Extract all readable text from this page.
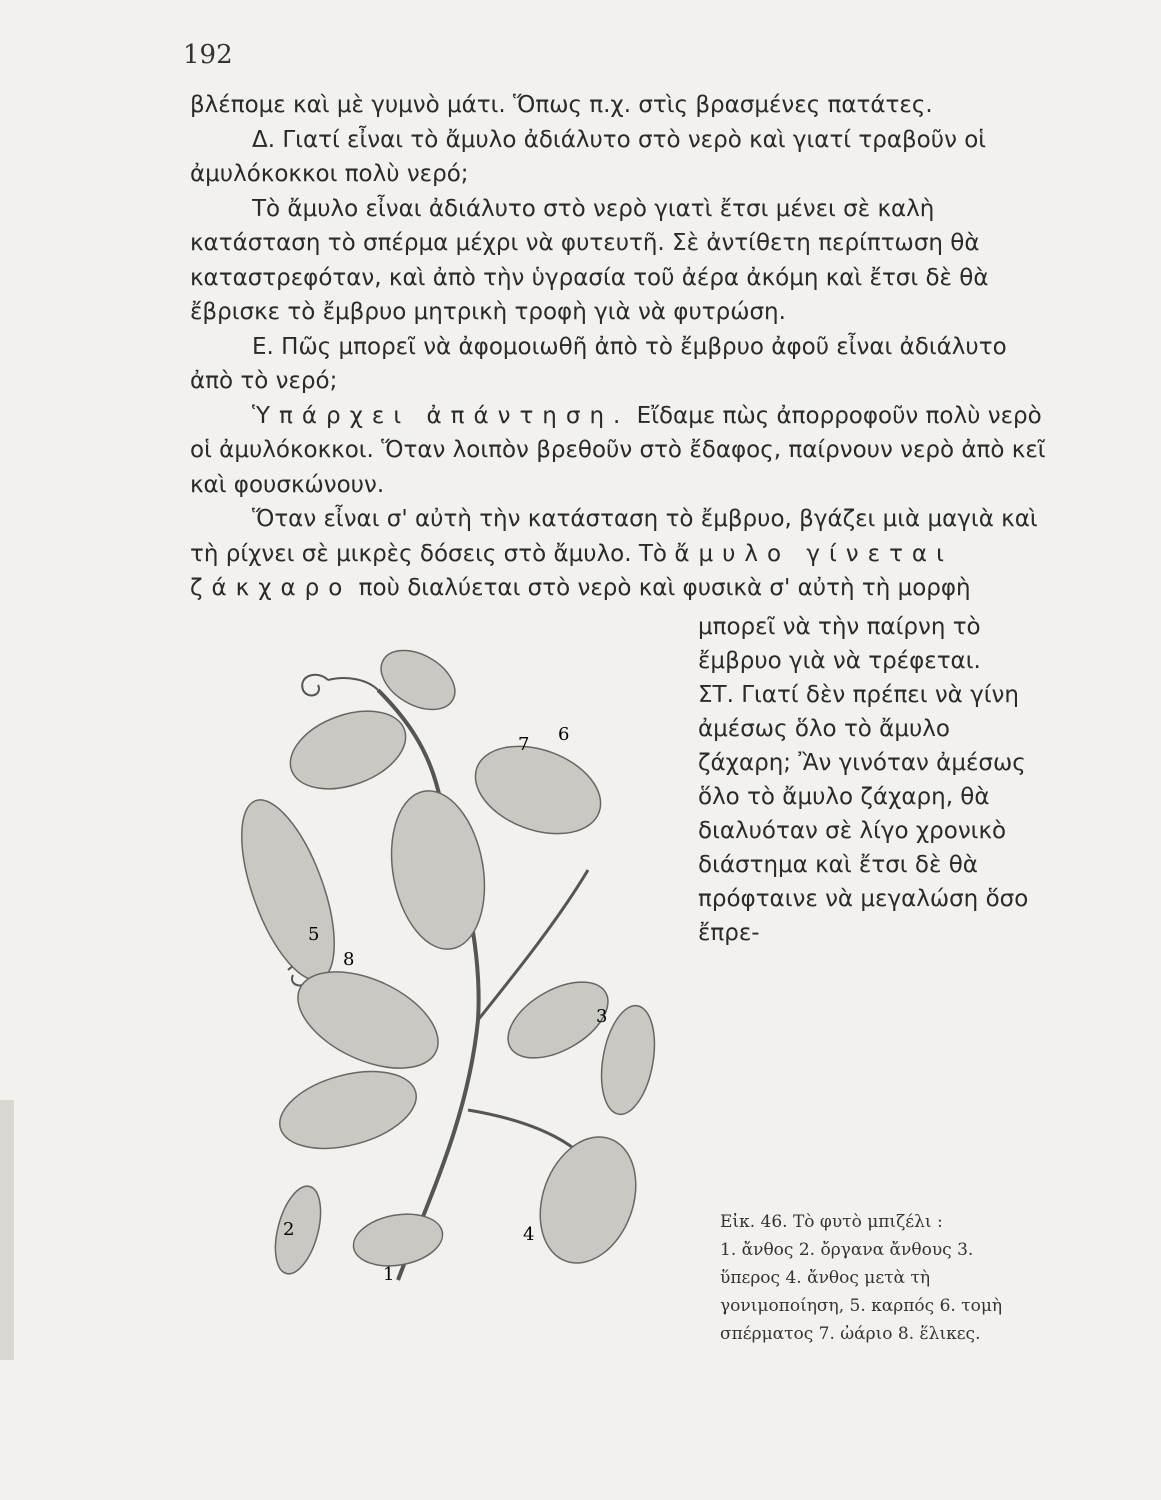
192

βλέπομε καὶ μὲ γυμνὸ μάτι. Ὅπως π.χ. στὶς βρασμένες πατάτες.

Δ. Γιατί εἶναι τὸ ἄμυλο ἀδιάλυτο στὸ νερὸ καὶ γιατί τραβοῦν οἱ ἀμυλόκοκκοι πολὺ νερό;

Τὸ ἄμυλο εἶναι ἀδιάλυτο στὸ νερὸ γιατὶ ἔτσι μένει σὲ καλὴ κατάσταση τὸ σπέρμα μέχρι νὰ φυτευτῆ. Σὲ ἀντίθετη περίπτωση θὰ καταστρεφόταν, καὶ ἀπὸ τὴν ὑγρασία τοῦ ἀέρα ἀκόμη καὶ ἔτσι δὲ θὰ ἔβρισκε τὸ ἔμβρυο μητρικὴ τροφὴ γιὰ νὰ φυτρώση.

Ε. Πῶς μπορεῖ νὰ ἀφομοιωθῆ ἀπὸ τὸ ἔμβρυο ἀφοῦ εἶναι ἀδιάλυτο ἀπὸ τὸ νερό;

Ὑπάρχει ἀπάντηση. Εἴδαμε πὼς ἀπορροφοῦν πολὺ νερὸ οἱ ἀμυλόκοκκοι. Ὅταν λοιπὸν βρεθοῦν στὸ ἔδαφος, παίρνουν νερὸ ἀπὸ κεῖ καὶ φουσκώνουν.

Ὅταν εἶναι σ' αὐτὴ τὴν κατάσταση τὸ ἔμβρυο, βγάζει μιὰ μαγιὰ καὶ τὴ ρίχνει σὲ μικρὲς δόσεις στὸ ἄμυλο. Τὸ ἄμυλο γίνεται ζάκχαρο ποὺ διαλύεται στὸ νερὸ καὶ φυσικὰ σ' αὐτὴ τὴ μορφὴ

μπορεῖ νὰ τὴν παίρνη τὸ ἔμβρυο γιὰ νὰ τρέφεται.

ΣΤ. Γιατί δὲν πρέπει νὰ γίνη ἀμέσως ὅλο τὸ ἄμυλο ζάχαρη; Ἂν γινόταν ἀμέσως ὅλο τὸ ἄμυλο ζάχαρη, θὰ διαλυόταν σὲ λίγο χρονικὸ διάστημα καὶ ἔτσι δὲ θὰ πρόφταινε νὰ μεγαλώση ὅσο ἔπρε-

7 6
5
8
3
2	4
1

Εἰκ. 46. Τὸ φυτὸ μπιζέλι :

1. ἄνθος 2. ὄργανα ἄνθους 3. ὕπερος 4. ἄνθος μετὰ τὴ γονιμοποίηση, 5. καρπός 6. τομὴ σπέρματος 7. ὠάριο 8. ἕλικες.
